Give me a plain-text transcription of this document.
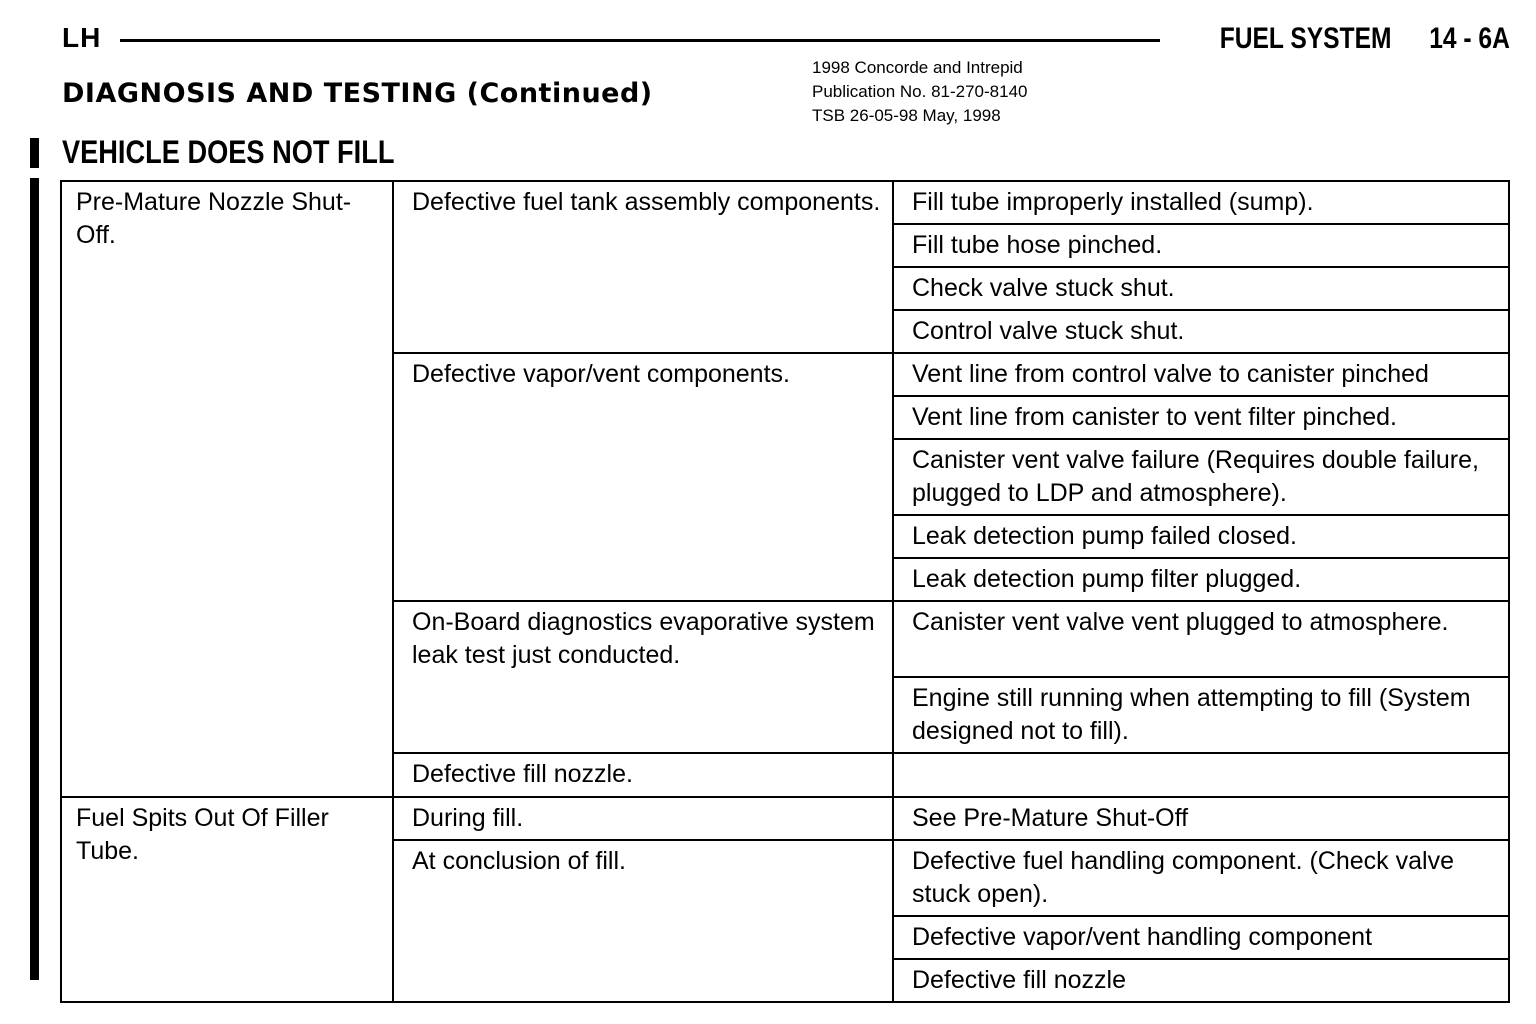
LH	FUEL SYSTEM 14 - 6A
DIAGNOSIS AND TESTING (Continued)
1998 Concorde and Intrepid
Publication No. 81-270-8140
TSB 26-05-98 May, 1998
VEHICLE DOES NOT FILL
Pre-Mature Nozzle Shut-Off.	Defective fuel tank assembly components.	Fill tube improperly installed (sump).
		Fill tube hose pinched.
		Check valve stuck shut.
		Control valve stuck shut.
	Defective vapor/vent components.	Vent line from control valve to canister pinched
		Vent line from canister to vent filter pinched.
		Canister vent valve failure (Requires double failure, plugged to LDP and atmosphere).
		Leak detection pump failed closed.
		Leak detection pump filter plugged.
	On-Board diagnostics evaporative system leak test just conducted.	Canister vent valve vent plugged to atmosphere.
		Engine still running when attempting to fill (System designed not to fill).
	Defective fill nozzle.	
Fuel Spits Out Of Filler Tube.	During fill.	See Pre-Mature Shut-Off
	At conclusion of fill.	Defective fuel handling component. (Check valve stuck open).
		Defective vapor/vent handling component
		Defective fill nozzle
